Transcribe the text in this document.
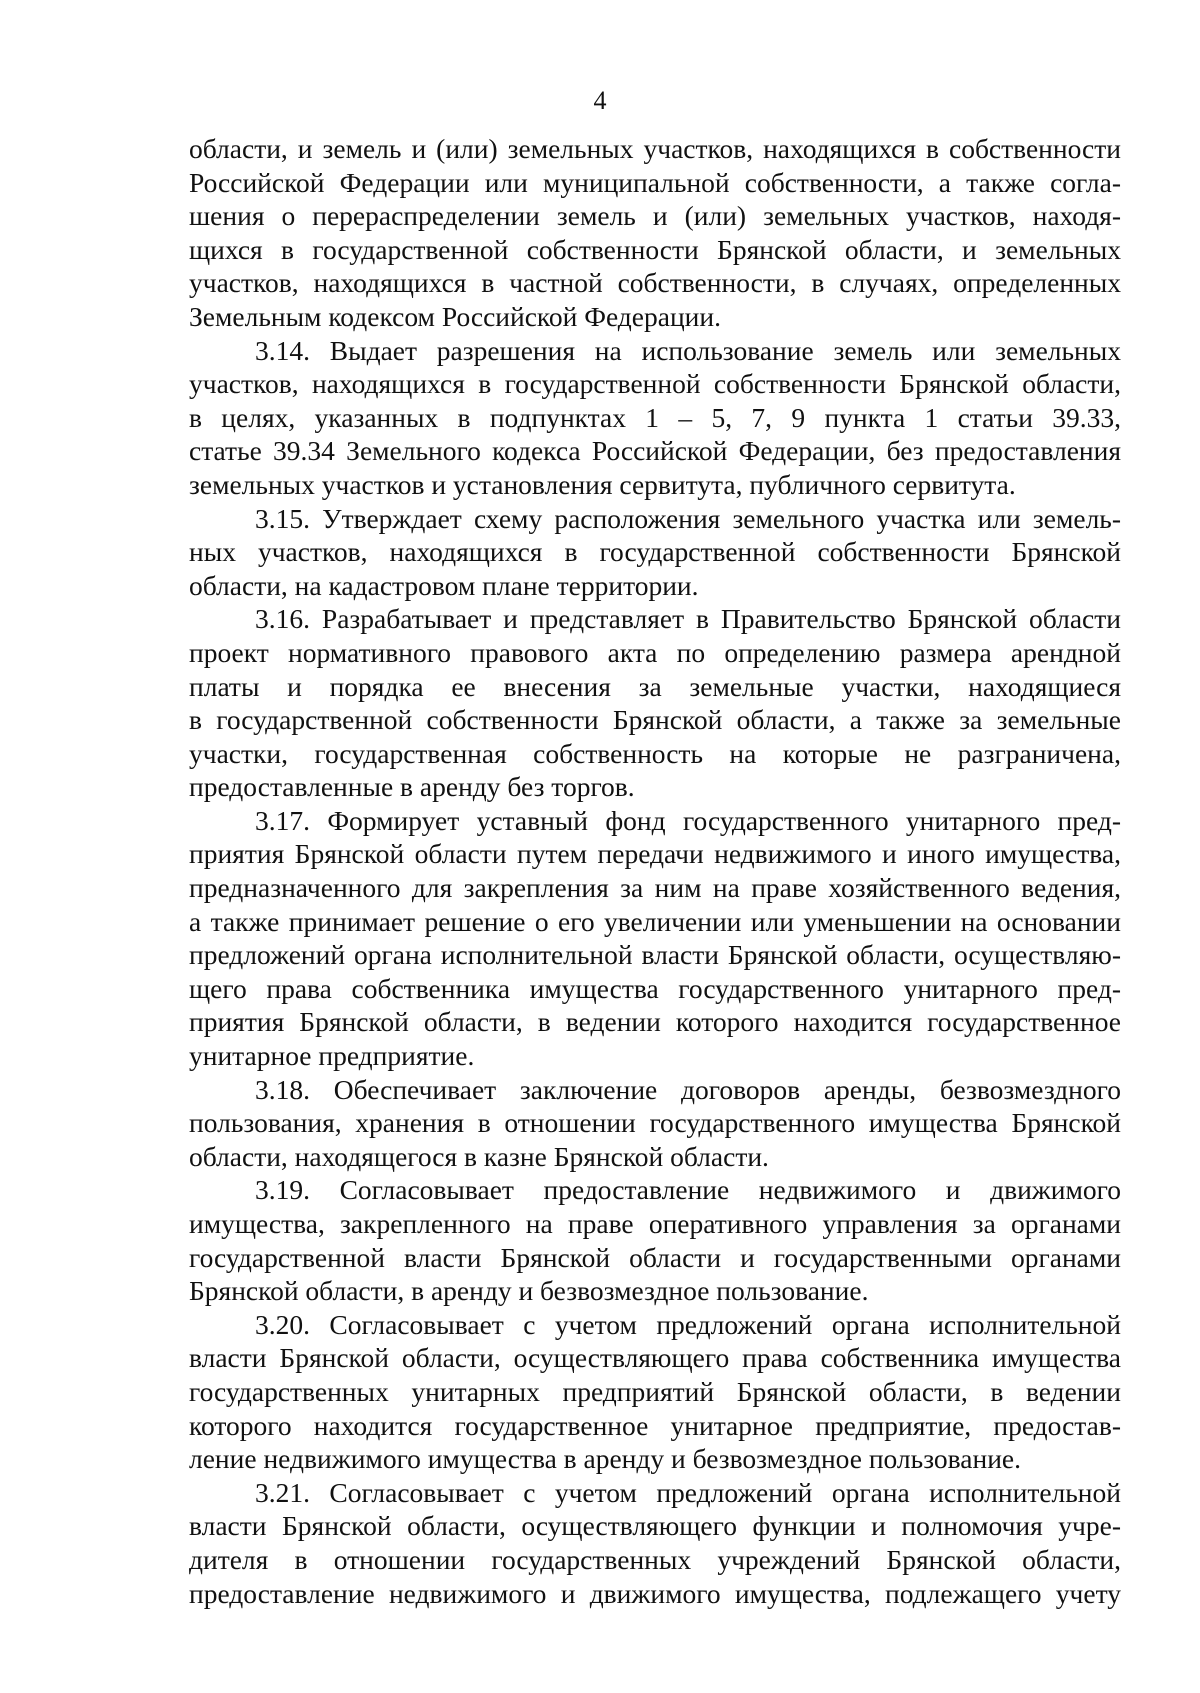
4
области, и земель и (или) земельных участков, находящихся в собственности
Российской Федерации или муниципальной собственности, а также согла-
шения о перераспределении земель и (или) земельных участков, находя-
щихся в государственной собственности Брянской области, и земельных
участков, находящихся в частной собственности, в случаях, определенных
Земельным кодексом Российской Федерации.
3.14. Выдает разрешения на использование земель или земельных
участков, находящихся в государственной собственности Брянской области,
в целях, указанных в подпунктах 1 – 5, 7, 9 пункта 1 статьи 39.33,
статье 39.34 Земельного кодекса Российской Федерации, без предоставления
земельных участков и установления сервитута, публичного сервитута.
3.15. Утверждает схему расположения земельного участка или земель-
ных участков, находящихся в государственной собственности Брянской
области, на кадастровом плане территории.
3.16. Разрабатывает и представляет в Правительство Брянской области
проект нормативного правового акта по определению размера арендной
платы и порядка ее внесения за земельные участки, находящиеся
в государственной собственности Брянской области, а также за земельные
участки, государственная собственность на которые не разграничена,
предоставленные в аренду без торгов.
3.17. Формирует уставный фонд государственного унитарного пред-
приятия Брянской области путем передачи недвижимого и иного имущества,
предназначенного для закрепления за ним на праве хозяйственного ведения,
а также принимает решение о его увеличении или уменьшении на основании
предложений органа исполнительной власти Брянской области, осуществляю-
щего права собственника имущества государственного унитарного пред-
приятия Брянской области, в ведении которого находится государственное
унитарное предприятие.
3.18. Обеспечивает заключение договоров аренды, безвозмездного
пользования, хранения в отношении государственного имущества Брянской
области, находящегося в казне Брянской области.
3.19. Согласовывает предоставление недвижимого и движимого
имущества, закрепленного на праве оперативного управления за органами
государственной власти Брянской области и государственными органами
Брянской области, в аренду и безвозмездное пользование.
3.20. Согласовывает с учетом предложений органа исполнительной
власти Брянской области, осуществляющего права собственника имущества
государственных унитарных предприятий Брянской области, в ведении
которого находится государственное унитарное предприятие, предостав-
ление недвижимого имущества в аренду и безвозмездное пользование.
3.21. Согласовывает с учетом предложений органа исполнительной
власти Брянской области, осуществляющего функции и полномочия учре-
дителя в отношении государственных учреждений Брянской области,
предоставление недвижимого и движимого имущества, подлежащего учету
